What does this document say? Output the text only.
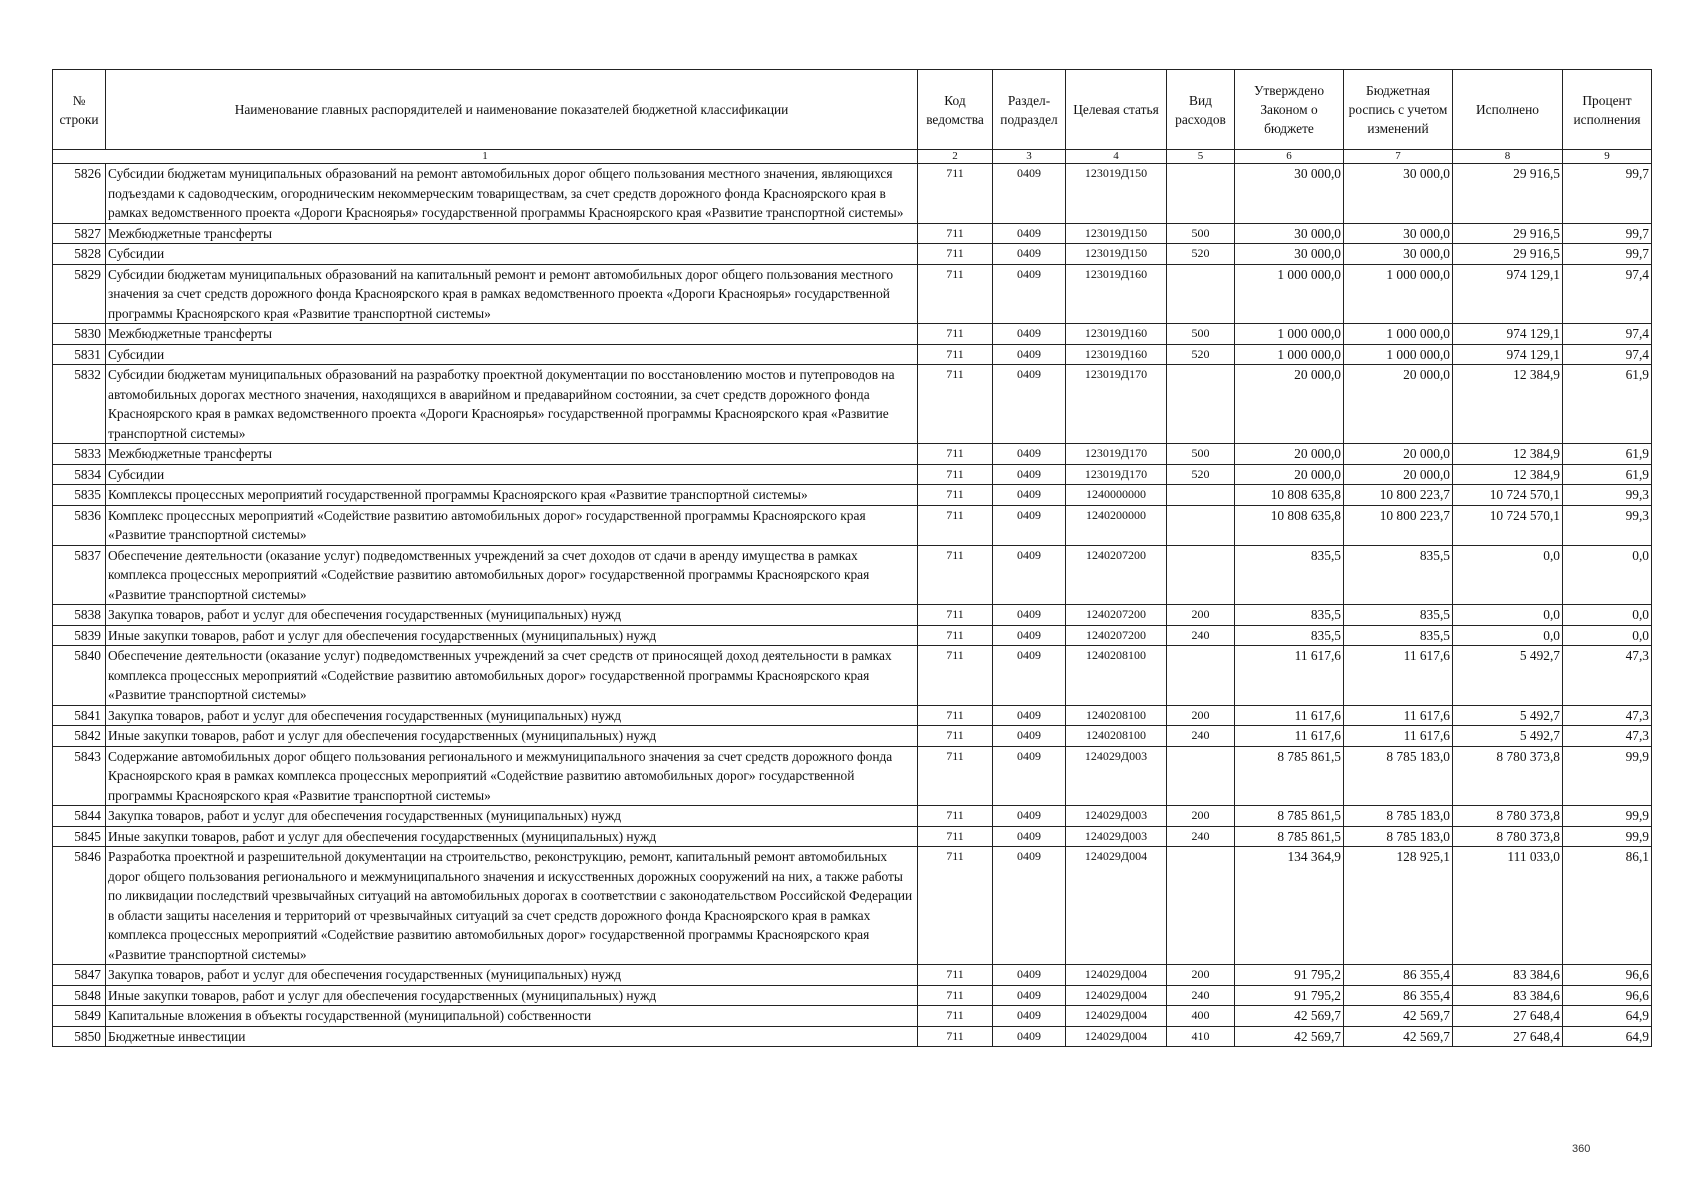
№ строки	Наименование главных распорядителей и наименование показателей бюджетной классификации	Код ведомства	Раздел-подраздел	Целевая статья	Вид расходов	Утверждено Законом о бюджете	Бюджетная роспись с учетом изменений	Исполнено	Процент исполнения
1		2	3	4	5	6	7	8	9
5826	Субсидии бюджетам муниципальных образований на ремонт автомобильных дорог общего пользования местного значения, являющихся подъездами к садоводческим, огородническим некоммерческим товариществам, за счет средств дорожного фонда Красноярского края в рамках ведомственного проекта «Дороги Красноярья» государственной программы Красноярского края «Развитие транспортной системы»	711	0409	123019Д150		30 000,0	30 000,0	29 916,5	99,7
5827	Межбюджетные трансферты	711	0409	123019Д150	500	30 000,0	30 000,0	29 916,5	99,7
5828	Субсидии	711	0409	123019Д150	520	30 000,0	30 000,0	29 916,5	99,7
5829	Субсидии бюджетам муниципальных образований на капитальный ремонт и ремонт автомобильных дорог общего пользования местного значения за счет средств дорожного фонда Красноярского края в рамках ведомственного проекта «Дороги Красноярья» государственной программы Красноярского края «Развитие транспортной системы»	711	0409	123019Д160		1 000 000,0	1 000 000,0	974 129,1	97,4
5830	Межбюджетные трансферты	711	0409	123019Д160	500	1 000 000,0	1 000 000,0	974 129,1	97,4
5831	Субсидии	711	0409	123019Д160	520	1 000 000,0	1 000 000,0	974 129,1	97,4
5832	Субсидии бюджетам муниципальных образований на разработку проектной документации по восстановлению мостов и путепроводов на автомобильных дорогах местного значения, находящихся в аварийном и предаварийном состоянии, за счет средств дорожного фонда Красноярского края в рамках ведомственного проекта «Дороги Красноярья» государственной программы Красноярского края «Развитие транспортной системы»	711	0409	123019Д170		20 000,0	20 000,0	12 384,9	61,9
5833	Межбюджетные трансферты	711	0409	123019Д170	500	20 000,0	20 000,0	12 384,9	61,9
5834	Субсидии	711	0409	123019Д170	520	20 000,0	20 000,0	12 384,9	61,9
5835	Комплексы процессных мероприятий государственной программы Красноярского края «Развитие транспортной системы»	711	0409	1240000000		10 808 635,8	10 800 223,7	10 724 570,1	99,3
5836	Комплекс процессных мероприятий «Содействие развитию автомобильных дорог» государственной программы Красноярского края «Развитие транспортной системы»	711	0409	1240200000		10 808 635,8	10 800 223,7	10 724 570,1	99,3
5837	Обеспечение деятельности (оказание услуг) подведомственных учреждений за счет доходов от сдачи в аренду имущества в рамках комплекса процессных мероприятий «Содействие развитию автомобильных дорог» государственной программы Красноярского края «Развитие транспортной системы»	711	0409	1240207200		835,5	835,5	0,0	0,0
5838	Закупка товаров, работ и услуг для обеспечения государственных (муниципальных) нужд	711	0409	1240207200	200	835,5	835,5	0,0	0,0
5839	Иные закупки товаров, работ и услуг для обеспечения государственных (муниципальных) нужд	711	0409	1240207200	240	835,5	835,5	0,0	0,0
5840	Обеспечение деятельности (оказание услуг) подведомственных учреждений за счет средств от приносящей доход деятельности в рамках комплекса процессных мероприятий «Содействие развитию автомобильных дорог» государственной программы Красноярского края «Развитие транспортной системы»	711	0409	1240208100		11 617,6	11 617,6	5 492,7	47,3
5841	Закупка товаров, работ и услуг для обеспечения государственных (муниципальных) нужд	711	0409	1240208100	200	11 617,6	11 617,6	5 492,7	47,3
5842	Иные закупки товаров, работ и услуг для обеспечения государственных (муниципальных) нужд	711	0409	1240208100	240	11 617,6	11 617,6	5 492,7	47,3
5843	Содержание автомобильных дорог общего пользования регионального и межмуниципального значения за счет средств дорожного фонда Красноярского края в рамках комплекса процессных мероприятий «Содействие развитию автомобильных дорог» государственной программы Красноярского края «Развитие транспортной системы»	711	0409	124029Д003		8 785 861,5	8 785 183,0	8 780 373,8	99,9
5844	Закупка товаров, работ и услуг для обеспечения государственных (муниципальных) нужд	711	0409	124029Д003	200	8 785 861,5	8 785 183,0	8 780 373,8	99,9
5845	Иные закупки товаров, работ и услуг для обеспечения государственных (муниципальных) нужд	711	0409	124029Д003	240	8 785 861,5	8 785 183,0	8 780 373,8	99,9
5846	Разработка проектной и разрешительной документации на строительство, реконструкцию, ремонт, капитальный ремонт автомобильных дорог общего пользования регионального и межмуниципального значения и искусственных дорожных сооружений на них, а также работы по ликвидации последствий чрезвычайных ситуаций на автомобильных дорогах в соответствии с законодательством Российской Федерации в области защиты населения и территорий от чрезвычайных ситуаций за счет средств дорожного фонда Красноярского края в рамках комплекса процессных мероприятий «Содействие развитию автомобильных дорог» государственной программы Красноярского края «Развитие транспортной системы»	711	0409	124029Д004		134 364,9	128 925,1	111 033,0	86,1
5847	Закупка товаров, работ и услуг для обеспечения государственных (муниципальных) нужд	711	0409	124029Д004	200	91 795,2	86 355,4	83 384,6	96,6
5848	Иные закупки товаров, работ и услуг для обеспечения государственных (муниципальных) нужд	711	0409	124029Д004	240	91 795,2	86 355,4	83 384,6	96,6
5849	Капитальные вложения в объекты государственной (муниципальной) собственности	711	0409	124029Д004	400	42 569,7	42 569,7	27 648,4	64,9
5850	Бюджетные инвестиции	711	0409	124029Д004	410	42 569,7	42 569,7	27 648,4	64,9
360
